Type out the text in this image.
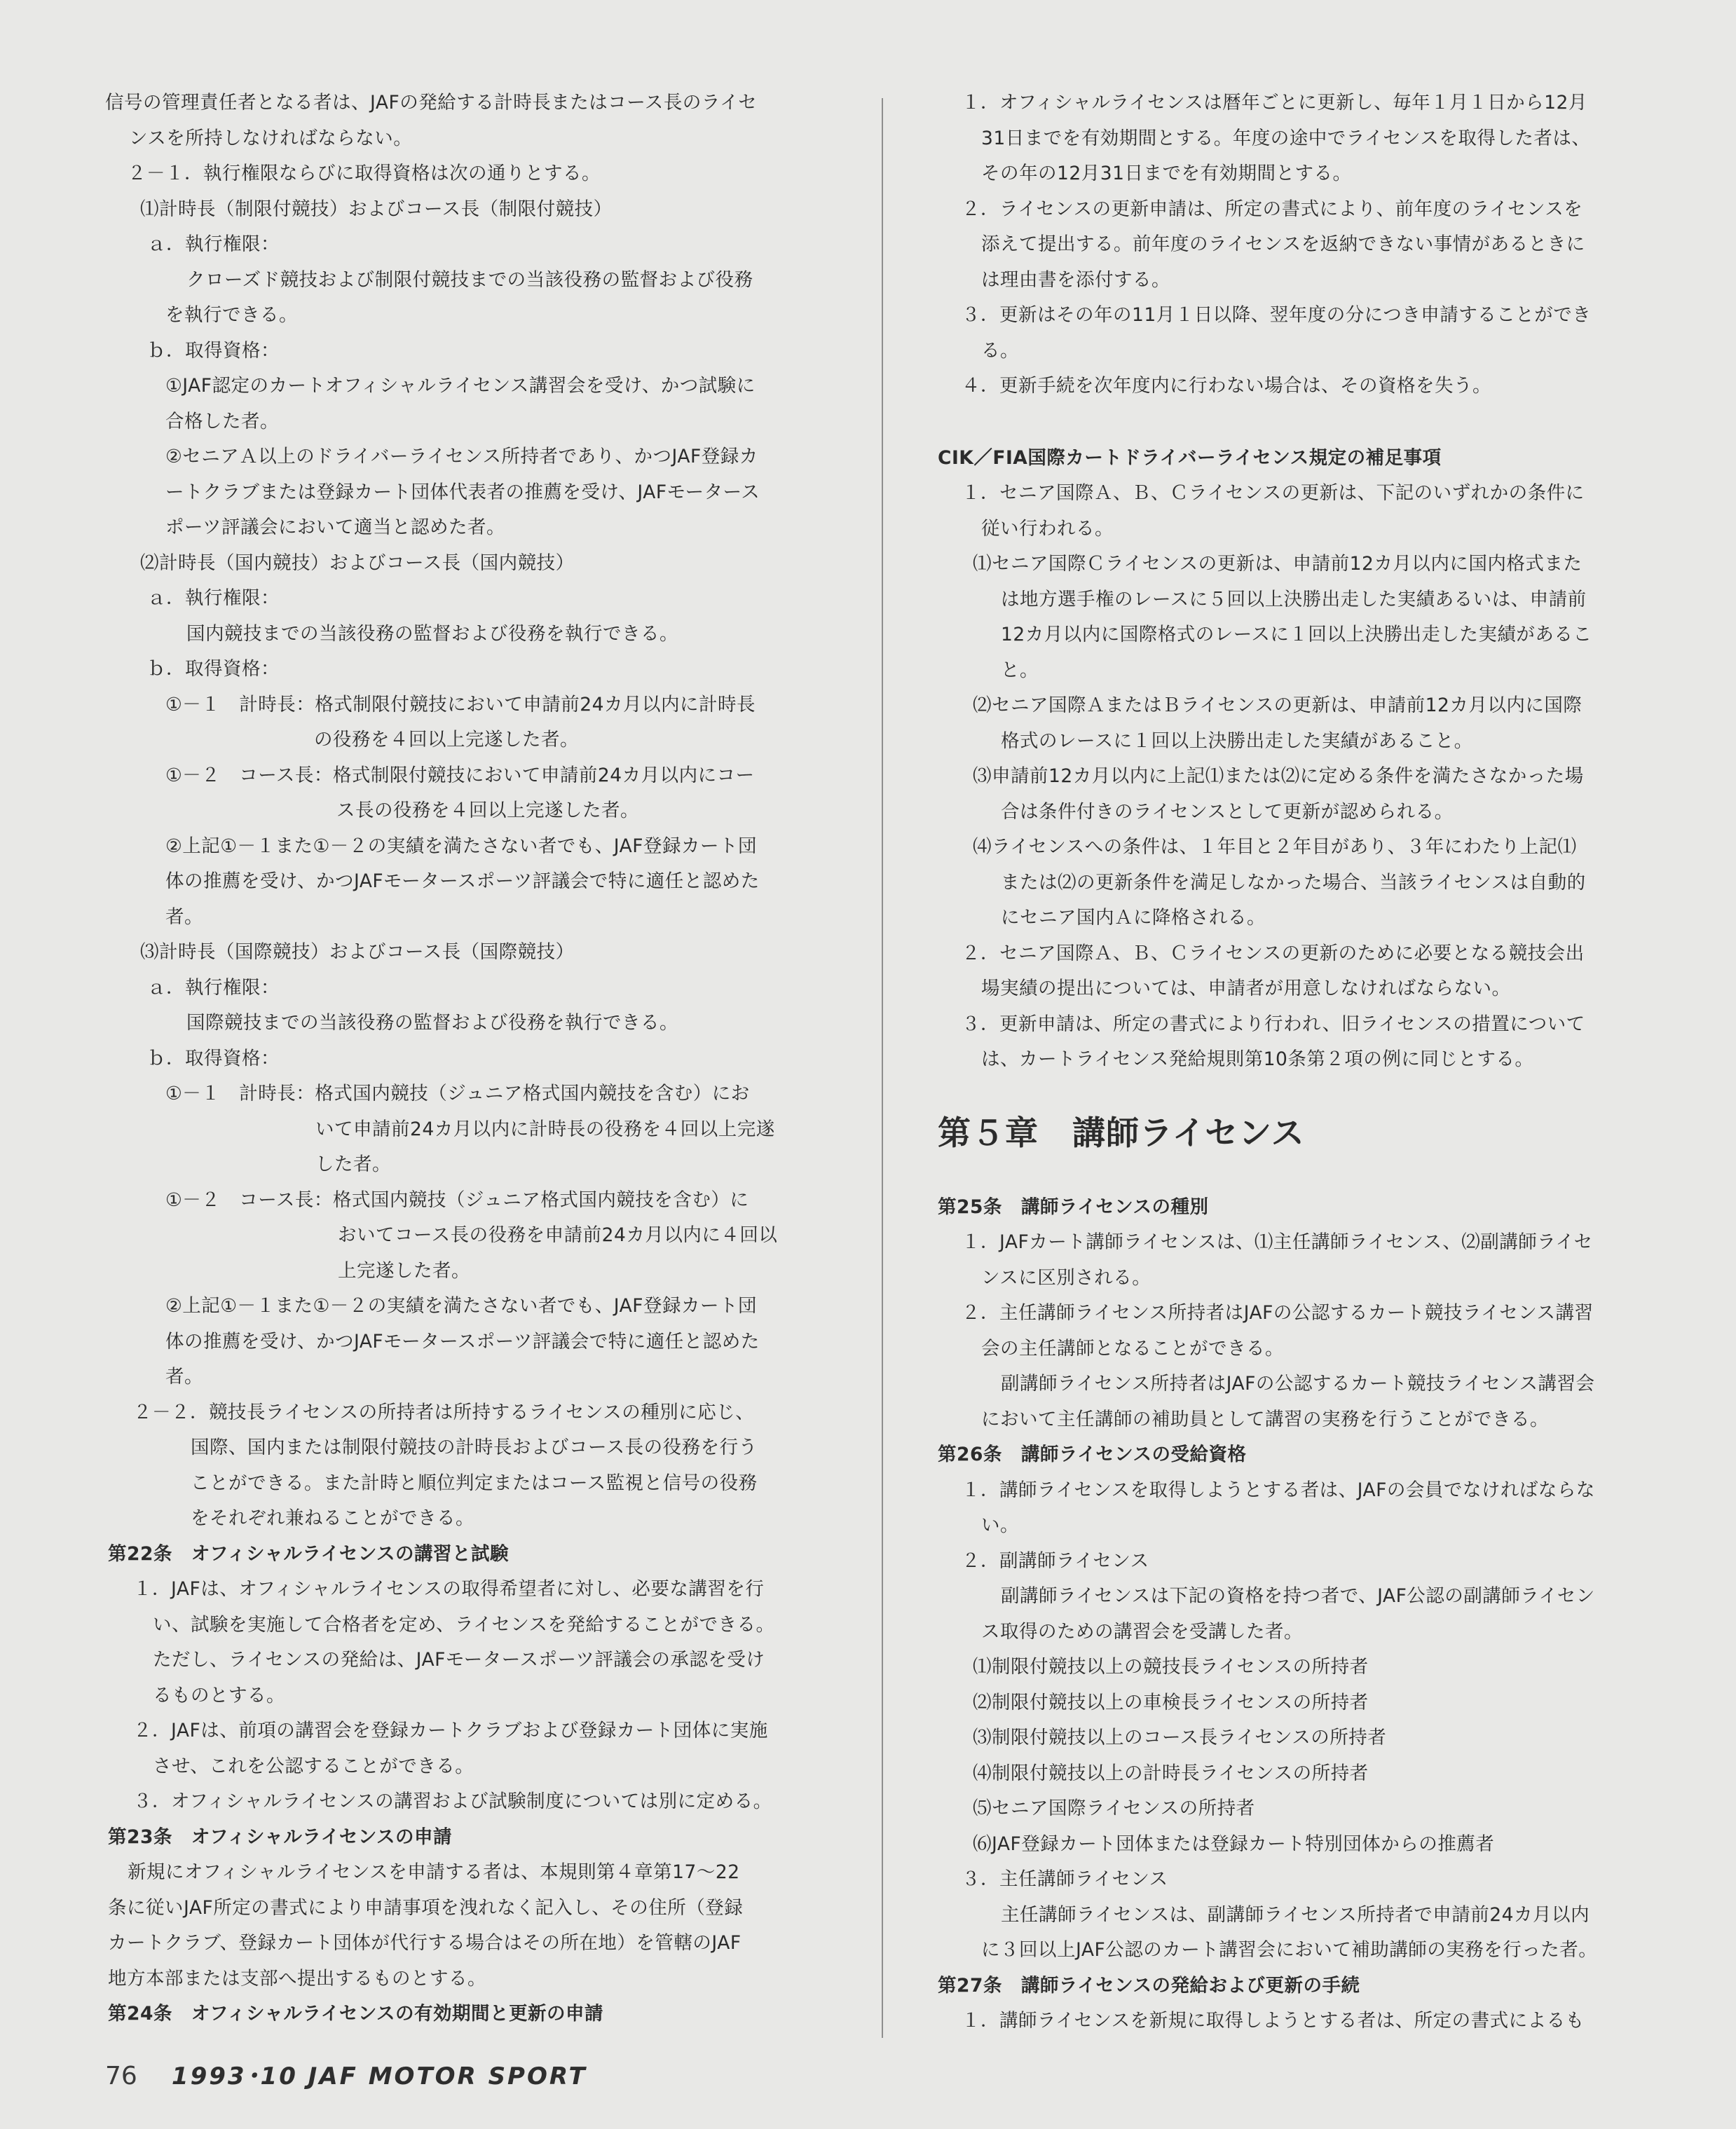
信号の管理責任者となる者は、JAFの発給する計時長またはコース長のライセ
ンスを所持しなければならない。
２－１．執行権限ならびに取得資格は次の通りとする。
⑴計時長（制限付競技）およびコース長（制限付競技）
ａ．執行権限：
クローズド競技および制限付競技までの当該役務の監督および役務
を執行できる。
ｂ．取得資格：
①JAF認定のカートオフィシャルライセンス講習会を受け、かつ試験に
合格した者。
②セニアＡ以上のドライバーライセンス所持者であり、かつJAF登録カ
ートクラブまたは登録カート団体代表者の推薦を受け、JAFモータース
ポーツ評議会において適当と認めた者。
⑵計時長（国内競技）およびコース長（国内競技）
ａ．執行権限：
国内競技までの当該役務の監督および役務を執行できる。
ｂ．取得資格：
①－１　計時長：格式制限付競技において申請前24カ月以内に計時長
の役務を４回以上完遂した者。
①－２　コース長：格式制限付競技において申請前24カ月以内にコー
ス長の役務を４回以上完遂した者。
②上記①－１また①－２の実績を満たさない者でも、JAF登録カート団
体の推薦を受け、かつJAFモータースポーツ評議会で特に適任と認めた
者。
⑶計時長（国際競技）およびコース長（国際競技）
ａ．執行権限：
国際競技までの当該役務の監督および役務を執行できる。
ｂ．取得資格：
①－１　計時長：格式国内競技（ジュニア格式国内競技を含む）にお
いて申請前24カ月以内に計時長の役務を４回以上完遂
した者。
①－２　コース長：格式国内競技（ジュニア格式国内競技を含む）に
おいてコース長の役務を申請前24カ月以内に４回以
上完遂した者。
②上記①－１また①－２の実績を満たさない者でも、JAF登録カート団
体の推薦を受け、かつJAFモータースポーツ評議会で特に適任と認めた
者。
２－２．競技長ライセンスの所持者は所持するライセンスの種別に応じ、
国際、国内または制限付競技の計時長およびコース長の役務を行う
ことができる。また計時と順位判定またはコース監視と信号の役務
をそれぞれ兼ねることができる。
第22条　オフィシャルライセンスの講習と試験
１．JAFは、オフィシャルライセンスの取得希望者に対し、必要な講習を行
い、試験を実施して合格者を定め、ライセンスを発給することができる。
ただし、ライセンスの発給は、JAFモータースポーツ評議会の承認を受け
るものとする。
２．JAFは、前項の講習会を登録カートクラブおよび登録カート団体に実施
させ、これを公認することができる。
３．オフィシャルライセンスの講習および試験制度については別に定める。
第23条　オフィシャルライセンスの申請
新規にオフィシャルライセンスを申請する者は、本規則第４章第17～22
条に従いJAF所定の書式により申請事項を洩れなく記入し、その住所（登録
カートクラブ、登録カート団体が代行する場合はその所在地）を管轄のJAF
地方本部または支部へ提出するものとする。
第24条　オフィシャルライセンスの有効期間と更新の申請
１．オフィシャルライセンスは暦年ごとに更新し、毎年１月１日から12月
31日までを有効期間とする。年度の途中でライセンスを取得した者は、
その年の12月31日までを有効期間とする。
２．ライセンスの更新申請は、所定の書式により、前年度のライセンスを
添えて提出する。前年度のライセンスを返納できない事情があるときに
は理由書を添付する。
３．更新はその年の11月１日以降、翌年度の分につき申請することができ
る。
４．更新手続を次年度内に行わない場合は、その資格を失う。
CIK／FIA国際カートドライバーライセンス規定の補足事項
１．セニア国際Ａ、Ｂ、Ｃライセンスの更新は、下記のいずれかの条件に
従い行われる。
⑴セニア国際Ｃライセンスの更新は、申請前12カ月以内に国内格式また
は地方選手権のレースに５回以上決勝出走した実績あるいは、申請前
12カ月以内に国際格式のレースに１回以上決勝出走した実績があるこ
と。
⑵セニア国際ＡまたはＢライセンスの更新は、申請前12カ月以内に国際
格式のレースに１回以上決勝出走した実績があること。
⑶申請前12カ月以内に上記⑴または⑵に定める条件を満たさなかった場
合は条件付きのライセンスとして更新が認められる。
⑷ライセンスへの条件は、１年目と２年目があり、３年にわたり上記⑴
または⑵の更新条件を満足しなかった場合、当該ライセンスは自動的
にセニア国内Ａに降格される。
２．セニア国際Ａ、Ｂ、Ｃライセンスの更新のために必要となる競技会出
場実績の提出については、申請者が用意しなければならない。
３．更新申請は、所定の書式により行われ、旧ライセンスの措置について
は、カートライセンス発給規則第10条第２項の例に同じとする。
第５章　講師ライセンス
第25条　講師ライセンスの種別
１．JAFカート講師ライセンスは、⑴主任講師ライセンス、⑵副講師ライセ
ンスに区別される。
２．主任講師ライセンス所持者はJAFの公認するカート競技ライセンス講習
会の主任講師となることができる。
副講師ライセンス所持者はJAFの公認するカート競技ライセンス講習会
において主任講師の補助員として講習の実務を行うことができる。
第26条　講師ライセンスの受給資格
１．講師ライセンスを取得しようとする者は、JAFの会員でなければならな
い。
２．副講師ライセンス
副講師ライセンスは下記の資格を持つ者で、JAF公認の副講師ライセン
ス取得のための講習会を受講した者。
⑴制限付競技以上の競技長ライセンスの所持者
⑵制限付競技以上の車検長ライセンスの所持者
⑶制限付競技以上のコース長ライセンスの所持者
⑷制限付競技以上の計時長ライセンスの所持者
⑸セニア国際ライセンスの所持者
⑹JAF登録カート団体または登録カート特別団体からの推薦者
３．主任講師ライセンス
主任講師ライセンスは、副講師ライセンス所持者で申請前24カ月以内
に３回以上JAF公認のカート講習会において補助講師の実務を行った者。
第27条　講師ライセンスの発給および更新の手続
１．講師ライセンスを新規に取得しようとする者は、所定の書式によるも
76 1993･10 JAF MOTOR SPORT
